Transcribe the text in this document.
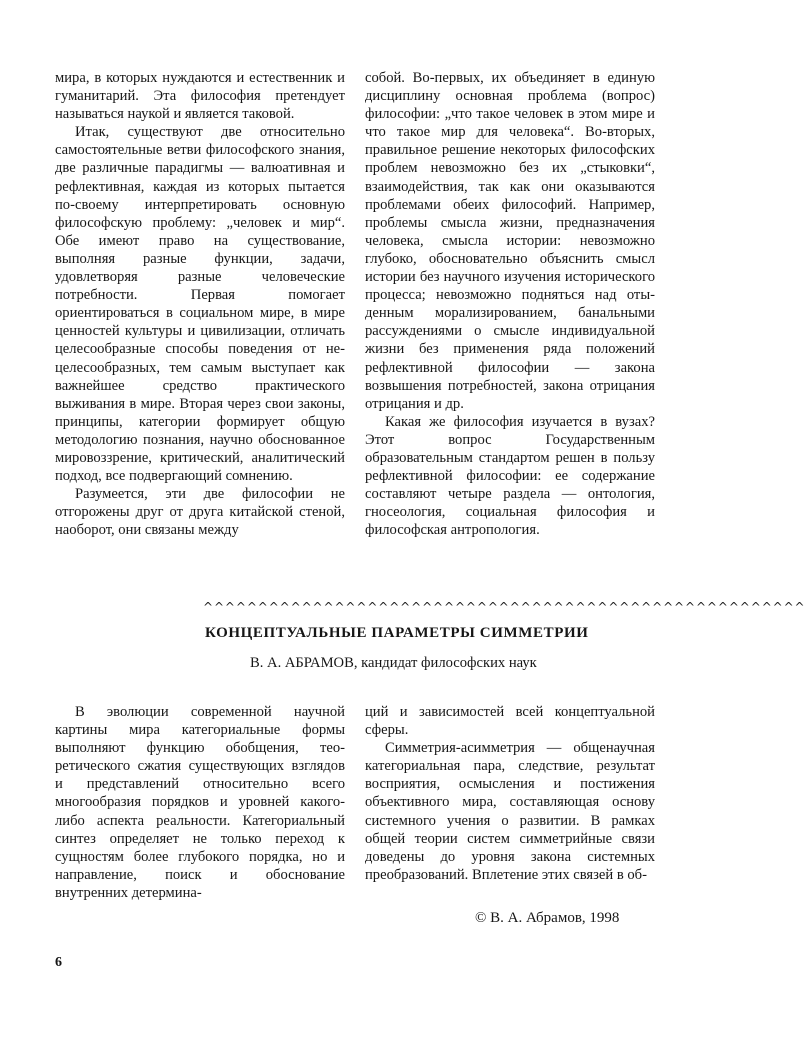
мира, в которых нуждаются и естественник и гуманитарий. Эта философия претендует называться наукой и является таковой.

Итак, существуют две относительно самостоятельные ветви философского знания, две различные парадигмы — валюативная и рефлективная, каждая из которых пытается по-своему интерпретировать основную философскую проблему: „человек и мир“. Обе имеют право на существование, выполняя разные функции, задачи, удовлетворяя разные человеческие потребности. Первая помогает ориентироваться в социальном мире, в мире ценностей культуры и цивилизации, отличать целесообразные способы поведения от нецелесообразных, тем самым выступает как важнейшее средство практического выживания в мире. Вторая через свои законы, принципы, категории формирует общую методологию познания, научно обоснованное мировоззрение, критический, аналитический подход, все подвергающий сомнению.

Разумеется, эти две философии не отгорожены друг от друга китайской стеной, наоборот, они связаны между

собой. Во-первых, их объединяет в единую дисциплину основная проблема (вопрос) философии: „что такое человек в этом мире и что такое мир для человека“. Во-вторых, правильное решение некоторых философских проблем невозможно без их „стыковки“, взаимодействия, так как они оказываются проблемами обеих философий. Например, проблемы смысла жизни, предназначения человека, смысла истории: невозможно глубоко, обосновательно объяснить смысл истории без научного изучения исторического процесса; невозможно подняться над отыденным морализированием, банальными рассуждениями о смысле индивидуальной жизни без применения ряда положений рефлективной философии — закона возвышения потребностей, закона отрицания отрицания и др.

Какая же философия изучается в вузах? Этот вопрос Государственным образовательным стандартом решен в пользу рефлективной философии: ее содержание составляют четыре раздела — онтология, гносеология, социальная философия и философская антропология.

^^^^^^^^^^^^^^^^^^^^^^^^^^^^^^^^^^^^^^^^^^^^^^^^^^^^^^^
КОНЦЕПТУАЛЬНЫЕ ПАРАМЕТРЫ СИММЕТРИИ
В. А. АБРАМОВ, кандидат философских наук

В эволюции современной научной картины мира категориальные формы выполняют функцию обобщения, теоретического сжатия существующих взглядов и представлений относительно всего многообразия порядков и уровней какого-либо аспекта реальности. Категориальный синтез определяет не только переход к сущностям более глубокого порядка, но и направление, поиск и обоснование внутренних детермина-

ций и зависимостей всей концептуальной сферы.

Симметрия-асимметрия — общенаучная категориальная пара, следствие, результат восприятия, осмысления и постижения объективного мира, составляющая основу системного учения о развитии. В рамках общей теории систем симметрийные связи доведены до уровня закона системных преобразований. Вплетение этих связей в об-

© В. А. Абрамов, 1998
6
